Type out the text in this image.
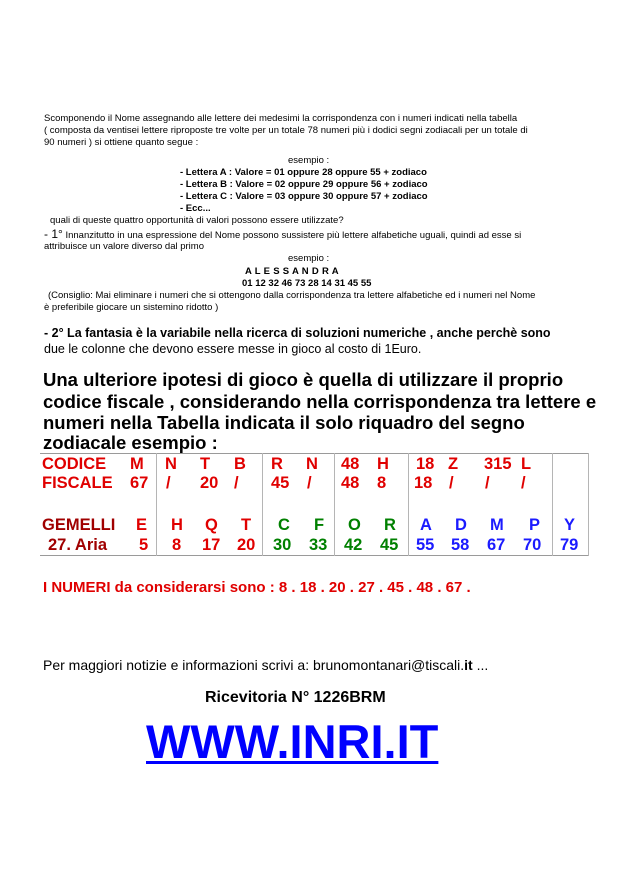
Scomponendo il Nome assegnando alle lettere dei medesimi la corrispondenza con i numeri indicati nella tabella
( composta da ventisei lettere riproposte tre volte per un totale 78 numeri più i dodici segni zodiacali per un totale di
90 numeri ) si ottiene quanto segue :
esempio :
- Lettera A : Valore = 01 oppure 28 oppure 55 + zodiaco
- Lettera B : Valore = 02 oppure 29 oppure 56 + zodiaco
- Lettera C : Valore = 03 oppure 30 oppure 57 + zodiaco
- Ecc...
quali di queste quattro opportunità di valori possono essere utilizzate?
- 1° Innanzitutto in una espressione del Nome possono sussistere più lettere alfabetiche uguali, quindi ad esse si
attribuisce un valore diverso dal primo
esempio :
A L E S S A N D R A
01 12 32 46 73 28 14 31 45 55
(Consiglio: Mai eliminare i numeri che si ottengono dalla corrispondenza tra lettere alfabetiche ed i numeri nel Nome
è preferibile giocare un sistemino ridotto )
- 2° La fantasia è la variabile nella ricerca di soluzioni numeriche , anche perchè sono
due le colonne che devono essere messe in gioco al costo di 1Euro.
Una ulteriore ipotesi di gioco è quella di utilizzare il proprio
codice fiscale , considerando nella corrispondenza tra lettere e
numeri nella Tabella indicata il solo riquadro del segno
zodiacale esempio :
CODICE M N T B R N 48 H 18 Z 315 L
FISCALE 67 / 20 / 45 / 48 8 18 / / /
GEMELLI E H Q T C F O R A D M P Y
27. Aria 5 8 17 20 30 33 42 45 55 58 67 70 79
I NUMERI da considerarsi sono : 8 . 18 . 20 . 27 . 45 . 48 . 67 .
Per maggiori notizie e informazioni scrivi a: brunomontanari@tiscali.it ...
Ricevitoria N° 1226BRM
WWW.INRI.IT
